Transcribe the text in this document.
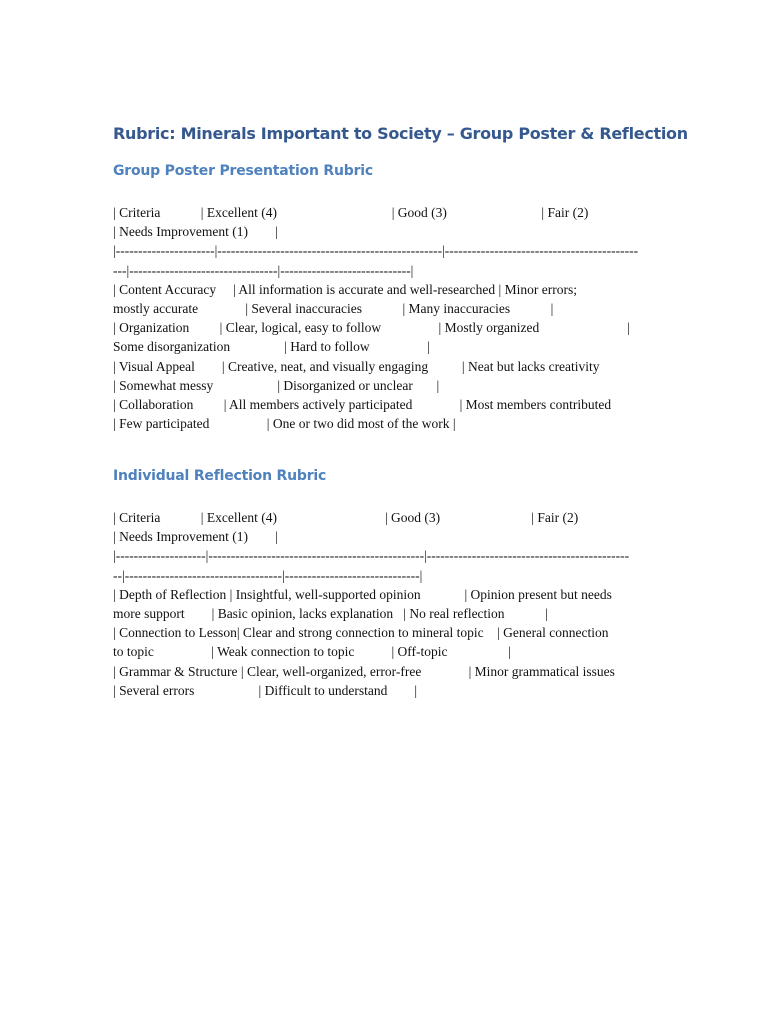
Rubric: Minerals Important to Society – Group Poster & Reflection
Group Poster Presentation Rubric
| Criteria            | Excellent (4)                                  | Good (3)                            | Fair (2)
| Needs Improvement (1)        |
|----------------------|--------------------------------------------------|-------------------------------------------
---|---------------------------------|-----------------------------|
| Content Accuracy     | All information is accurate and well-researched | Minor errors;
mostly accurate              | Several inaccuracies            | Many inaccuracies            |
| Organization         | Clear, logical, easy to follow                 | Mostly organized                          |
Some disorganization                | Hard to follow                 |
| Visual Appeal        | Creative, neat, and visually engaging          | Neat but lacks creativity
| Somewhat messy                   | Disorganized or unclear       |
| Collaboration         | All members actively participated              | Most members contributed
| Few participated                 | One or two did most of the work |
Individual Reflection Rubric
| Criteria            | Excellent (4)                                | Good (3)                           | Fair (2)
| Needs Improvement (1)        |
|--------------------|------------------------------------------------|---------------------------------------------
--|-----------------------------------|------------------------------|
| Depth of Reflection | Insightful, well-supported opinion             | Opinion present but needs
more support        | Basic opinion, lacks explanation   | No real reflection            |
| Connection to Lesson| Clear and strong connection to mineral topic    | General connection
to topic                 | Weak connection to topic           | Off-topic                  |
| Grammar & Structure | Clear, well-organized, error-free              | Minor grammatical issues
| Several errors                   | Difficult to understand        |
